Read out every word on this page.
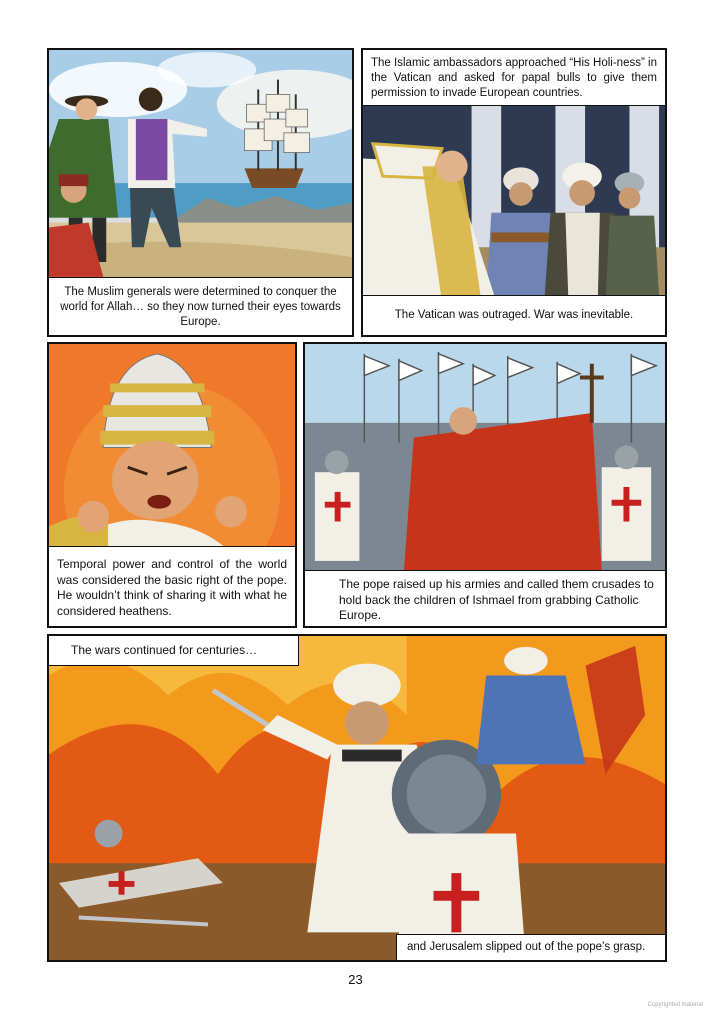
The Muslim generals were determined to conquer the world for Allah… so they now turned their eyes towards Europe.
The Islamic ambassadors approached “His Holi-ness” in the Vatican and asked for papal bulls to give them permission to invade European countries.
The Vatican was outraged. War was inevitable.
Temporal power and control of the world was considered the basic right of the pope. He wouldn’t think of sharing it with what he considered heathens.
The pope raised up his armies and called them crusades to hold back the children of Ishmael from grabbing Catholic Europe.
The wars continued for centuries…
and Jerusalem slipped out of the pope’s grasp.
23
Copyrighted material
